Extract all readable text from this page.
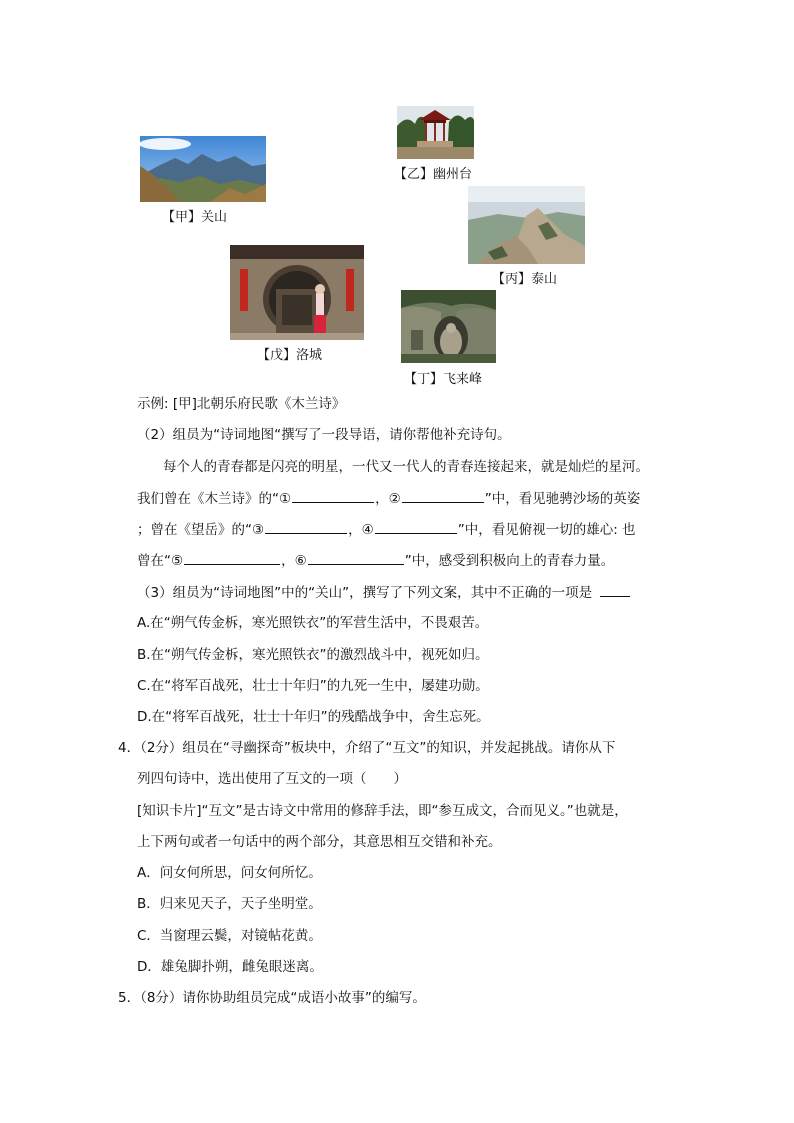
【甲】关山
【乙】幽州台
【丙】泰山
【戊】洛城
【丁】飞来峰
示例: [甲]北朝乐府民歌《木兰诗》
（2）组员为“诗词地图“撰写了一段导语，请你帮他补充诗句。
每个人的青春都是闪亮的明星，一代又一代人的青春连接起来，就是灿烂的星河。
我们曾在《木兰诗》的“①	，②	”中，看见驰骋沙场的英姿
；曾在《望岳》的“③	，④	”中，看见俯视一切的雄心: 也
曾在“⑤	，⑥	”中，感受到积极向上的青春力量。
（3）组员为“诗词地图”中的“关山”，撰写了下列文案，其中不正确的一项是
A.在“朔气传金柝，寒光照铁衣”的军营生活中，不畏艰苦。
B.在“朔气传金柝，寒光照铁衣”的激烈战斗中，视死如归。
C.在“将军百战死，壮士十年归”的九死一生中，屡建功勋。
D.在“将军百战死，壮士十年归”的残酷战争中，舍生忘死。
4．（2分）组员在“寻幽探奇”板块中，介绍了“互文”的知识，并发起挑战。请你从下
列四句诗中，选出使用了互文的一项（　　）
[知识卡片]“互文”是古诗文中常用的修辞手法，即“参互成文，合而见义。”也就是，
上下两句或者一句话中的两个部分，其意思相互交错和补充。
A．问女何所思，问女何所忆。
B．归来见天子，天子坐明堂。
C．当窗理云鬓，对镜帖花黄。
D．雄兔脚扑朔，雌兔眼迷离。
5．（8分）请你协助组员完成“成语小故事”的编写。
